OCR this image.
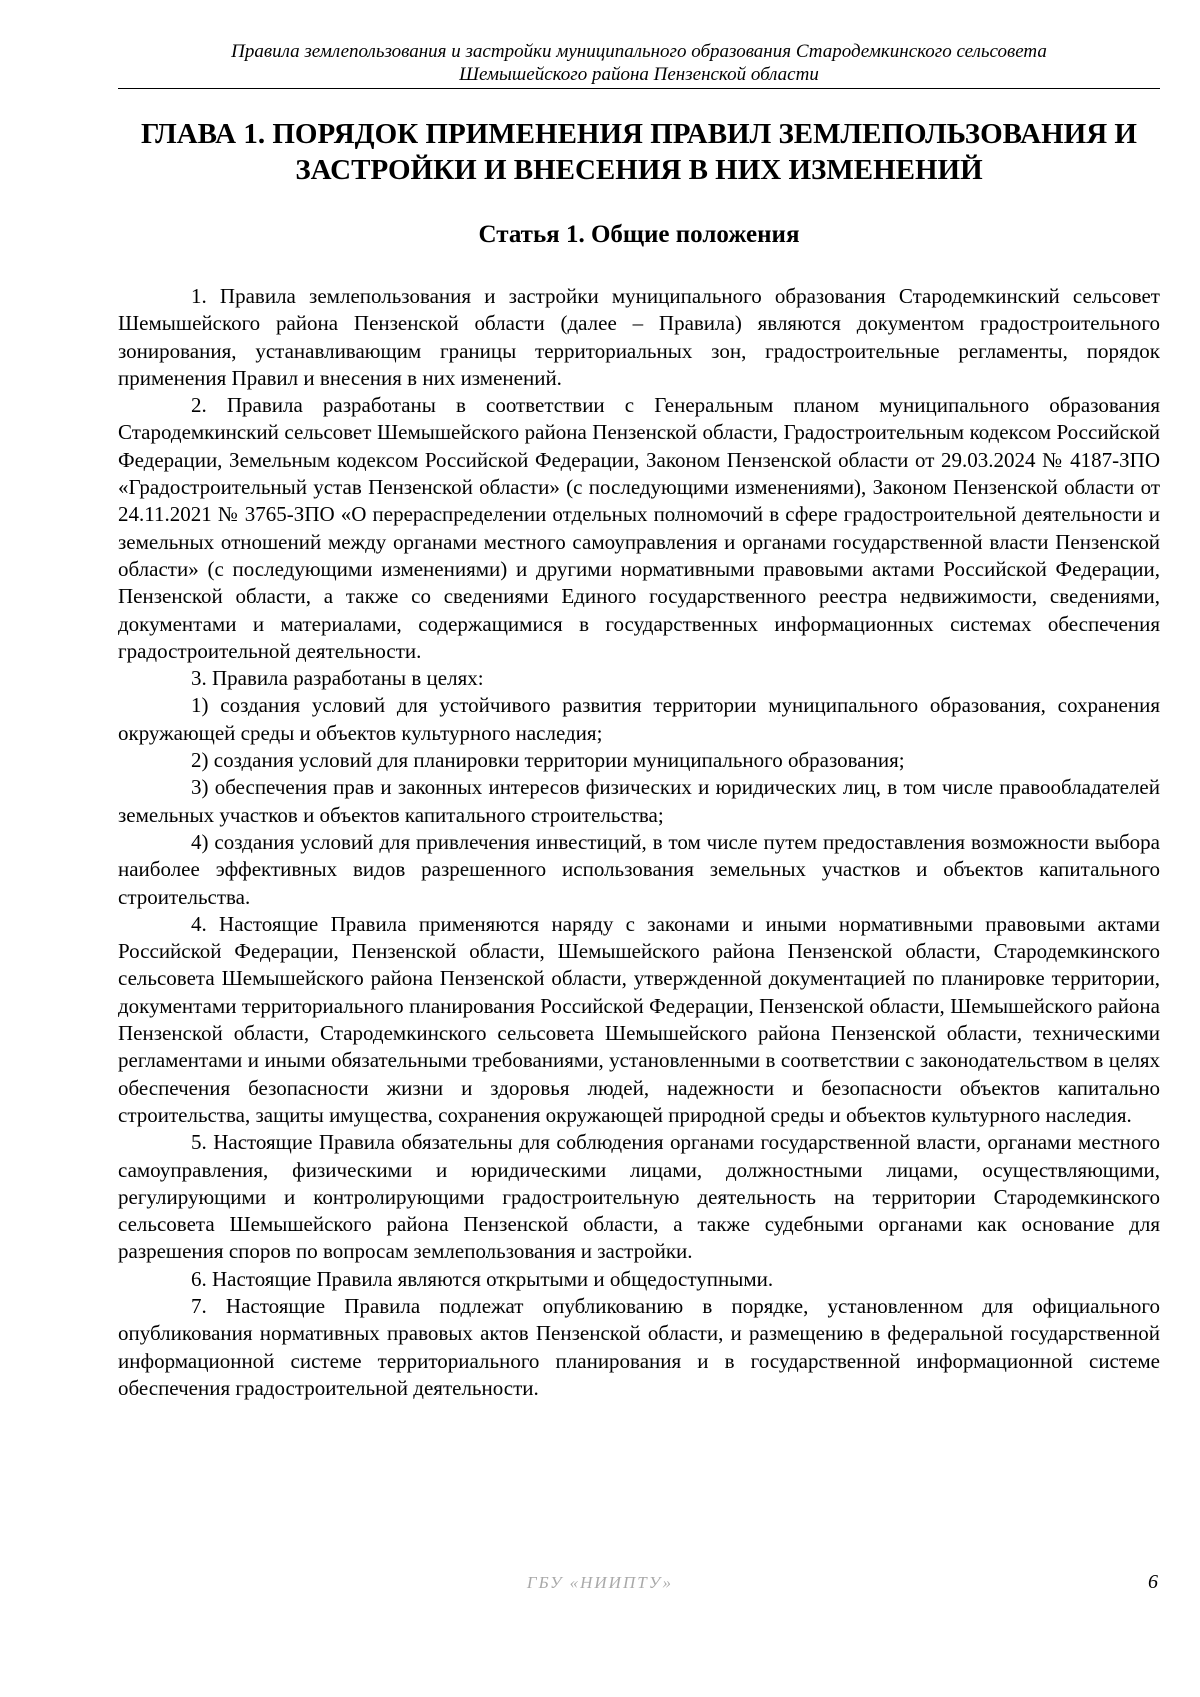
Правила землепользования и застройки муниципального образования Стародемкинского сельсовета
Шемышейского района Пензенской области
ГЛАВА 1. ПОРЯДОК ПРИМЕНЕНИЯ ПРАВИЛ ЗЕМЛЕПОЛЬЗОВАНИЯ И
ЗАСТРОЙКИ И ВНЕСЕНИЯ В НИХ ИЗМЕНЕНИЙ
Статья 1. Общие положения

1. Правила землепользования и застройки муниципального образования Стародемкинский сельсовет Шемышейского района Пензенской области (далее – Правила) являются документом градостроительного зонирования, устанавливающим границы территориальных зон, градостроительные регламенты, порядок применения Правил и внесения в них изменений.

2. Правила разработаны в соответствии с Генеральным планом муниципального образования Стародемкинский сельсовет Шемышейского района Пензенской области, Градостроительным кодексом Российской Федерации, Земельным кодексом Российской Федерации, Законом Пензенской области от 29.03.2024 № 4187-ЗПО «Градостроительный устав Пензенской области» (с последующими изменениями), Законом Пензенской области от 24.11.2021 № 3765-ЗПО «О перераспределении отдельных полномочий в сфере градостроительной деятельности и земельных отношений между органами местного самоуправления и органами государственной власти Пензенской области» (с последующими изменениями) и другими нормативными правовыми актами Российской Федерации, Пензенской области, а также со сведениями Единого государственного реестра недвижимости, сведениями, документами и материалами, содержащимися в государственных информационных системах обеспечения градостроительной деятельности.

3. Правила разработаны в целях:

1) создания условий для устойчивого развития территории муниципального образования, сохранения окружающей среды и объектов культурного наследия;

2) создания условий для планировки территории муниципального образования;

3) обеспечения прав и законных интересов физических и юридических лиц, в том числе правообладателей земельных участков и объектов капитального строительства;

4) создания условий для привлечения инвестиций, в том числе путем предоставления возможности выбора наиболее эффективных видов разрешенного использования земельных участков и объектов капитального строительства.

4. Настоящие Правила применяются наряду с законами и иными нормативными правовыми актами Российской Федерации, Пензенской области, Шемышейского района Пензенской области, Стародемкинского сельсовета Шемышейского района Пензенской области, утвержденной документацией по планировке территории, документами территориального планирования Российской Федерации, Пензенской области, Шемышейского района Пензенской области, Стародемкинского сельсовета Шемышейского района Пензенской области, техническими регламентами и иными обязательными требованиями, установленными в соответствии с законодательством в целях обеспечения безопасности жизни и здоровья людей, надежности и безопасности объектов капитально строительства, защиты имущества, сохранения окружающей природной среды и объектов культурного наследия.

5. Настоящие Правила обязательны для соблюдения органами государственной власти, органами местного самоуправления, физическими и юридическими лицами, должностными лицами, осуществляющими, регулирующими и контролирующими градостроительную деятельность на территории Стародемкинского сельсовета Шемышейского района Пензенской области, а также судебными органами как основание для разрешения споров по вопросам землепользования и застройки.

6. Настоящие Правила являются открытыми и общедоступными.

7. Настоящие Правила подлежат опубликованию в порядке, установленном для официального опубликования нормативных правовых актов Пензенской области, и размещению в федеральной государственной информационной системе территориального планирования и в государственной информационной системе обеспечения градостроительной деятельности.

ГБУ «НИИПТУ»	6
